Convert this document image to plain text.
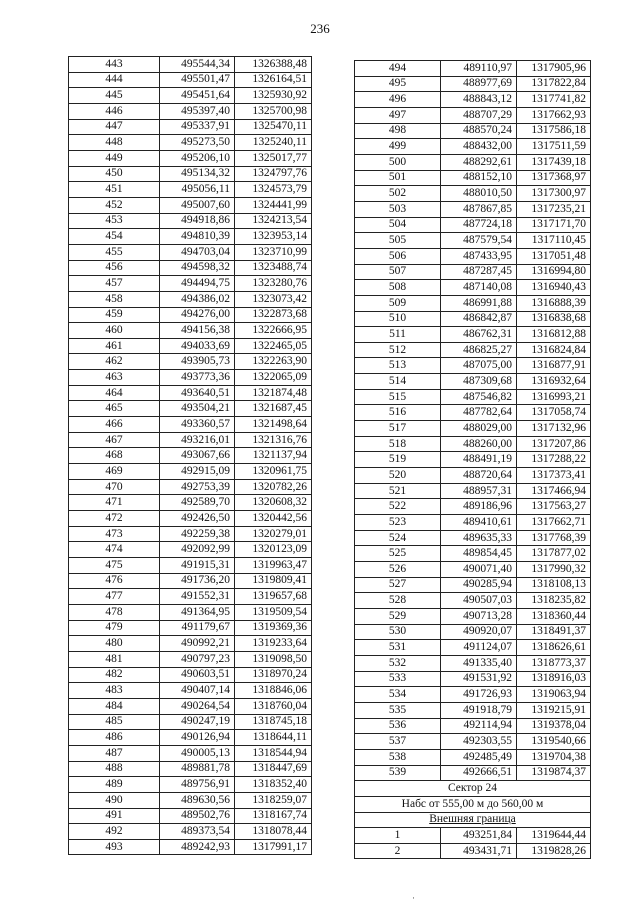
236
443	495544,34	1326388,48
444	495501,47	1326164,51
445	495451,64	1325930,92
446	495397,40	1325700,98
447	495337,91	1325470,11
448	495273,50	1325240,11
449	495206,10	1325017,77
450	495134,32	1324797,76
451	495056,11	1324573,79
452	495007,60	1324441,99
453	494918,86	1324213,54
454	494810,39	1323953,14
455	494703,04	1323710,99
456	494598,32	1323488,74
457	494494,75	1323280,76
458	494386,02	1323073,42
459	494276,00	1322873,68
460	494156,38	1322666,95
461	494033,69	1322465,05
462	493905,73	1322263,90
463	493773,36	1322065,09
464	493640,51	1321874,48
465	493504,21	1321687,45
466	493360,57	1321498,64
467	493216,01	1321316,76
468	493067,66	1321137,94
469	492915,09	1320961,75
470	492753,39	1320782,26
471	492589,70	1320608,32
472	492426,50	1320442,56
473	492259,38	1320279,01
474	492092,99	1320123,09
475	491915,31	1319963,47
476	491736,20	1319809,41
477	491552,31	1319657,68
478	491364,95	1319509,54
479	491179,67	1319369,36
480	490992,21	1319233,64
481	490797,23	1319098,50
482	490603,51	1318970,24
483	490407,14	1318846,06
484	490264,54	1318760,04
485	490247,19	1318745,18
486	490126,94	1318644,11
487	490005,13	1318544,94
488	489881,78	1318447,69
489	489756,91	1318352,40
490	489630,56	1318259,07
491	489502,76	1318167,74
492	489373,54	1318078,44
493	489242,93	1317991,17
494	489110,97	1317905,96
495	488977,69	1317822,84
496	488843,12	1317741,82
497	488707,29	1317662,93
498	488570,24	1317586,18
499	488432,00	1317511,59
500	488292,61	1317439,18
501	488152,10	1317368,97
502	488010,50	1317300,97
503	487867,85	1317235,21
504	487724,18	1317171,70
505	487579,54	1317110,45
506	487433,95	1317051,48
507	487287,45	1316994,80
508	487140,08	1316940,43
509	486991,88	1316888,39
510	486842,87	1316838,68
511	486762,31	1316812,88
512	486825,27	1316824,84
513	487075,00	1316877,91
514	487309,68	1316932,64
515	487546,82	1316993,21
516	487782,64	1317058,74
517	488029,00	1317132,96
518	488260,00	1317207,86
519	488491,19	1317288,22
520	488720,64	1317373,41
521	488957,31	1317466,94
522	489186,96	1317563,27
523	489410,61	1317662,71
524	489635,33	1317768,39
525	489854,45	1317877,02
526	490071,40	1317990,32
527	490285,94	1318108,13
528	490507,03	1318235,82
529	490713,28	1318360,44
530	490920,07	1318491,37
531	491124,07	1318626,61
532	491335,40	1318773,37
533	491531,92	1318916,03
534	491726,93	1319063,94
535	491918,79	1319215,91
536	492114,94	1319378,04
537	492303,55	1319540,66
538	492485,49	1319704,38
539	492666,51	1319874,37
Сектор 24		
Набс от 555,00 м до 560,00 м		
Внешняя граница		
1	493251,84	1319644,44
2	493431,71	1319828,26
·
